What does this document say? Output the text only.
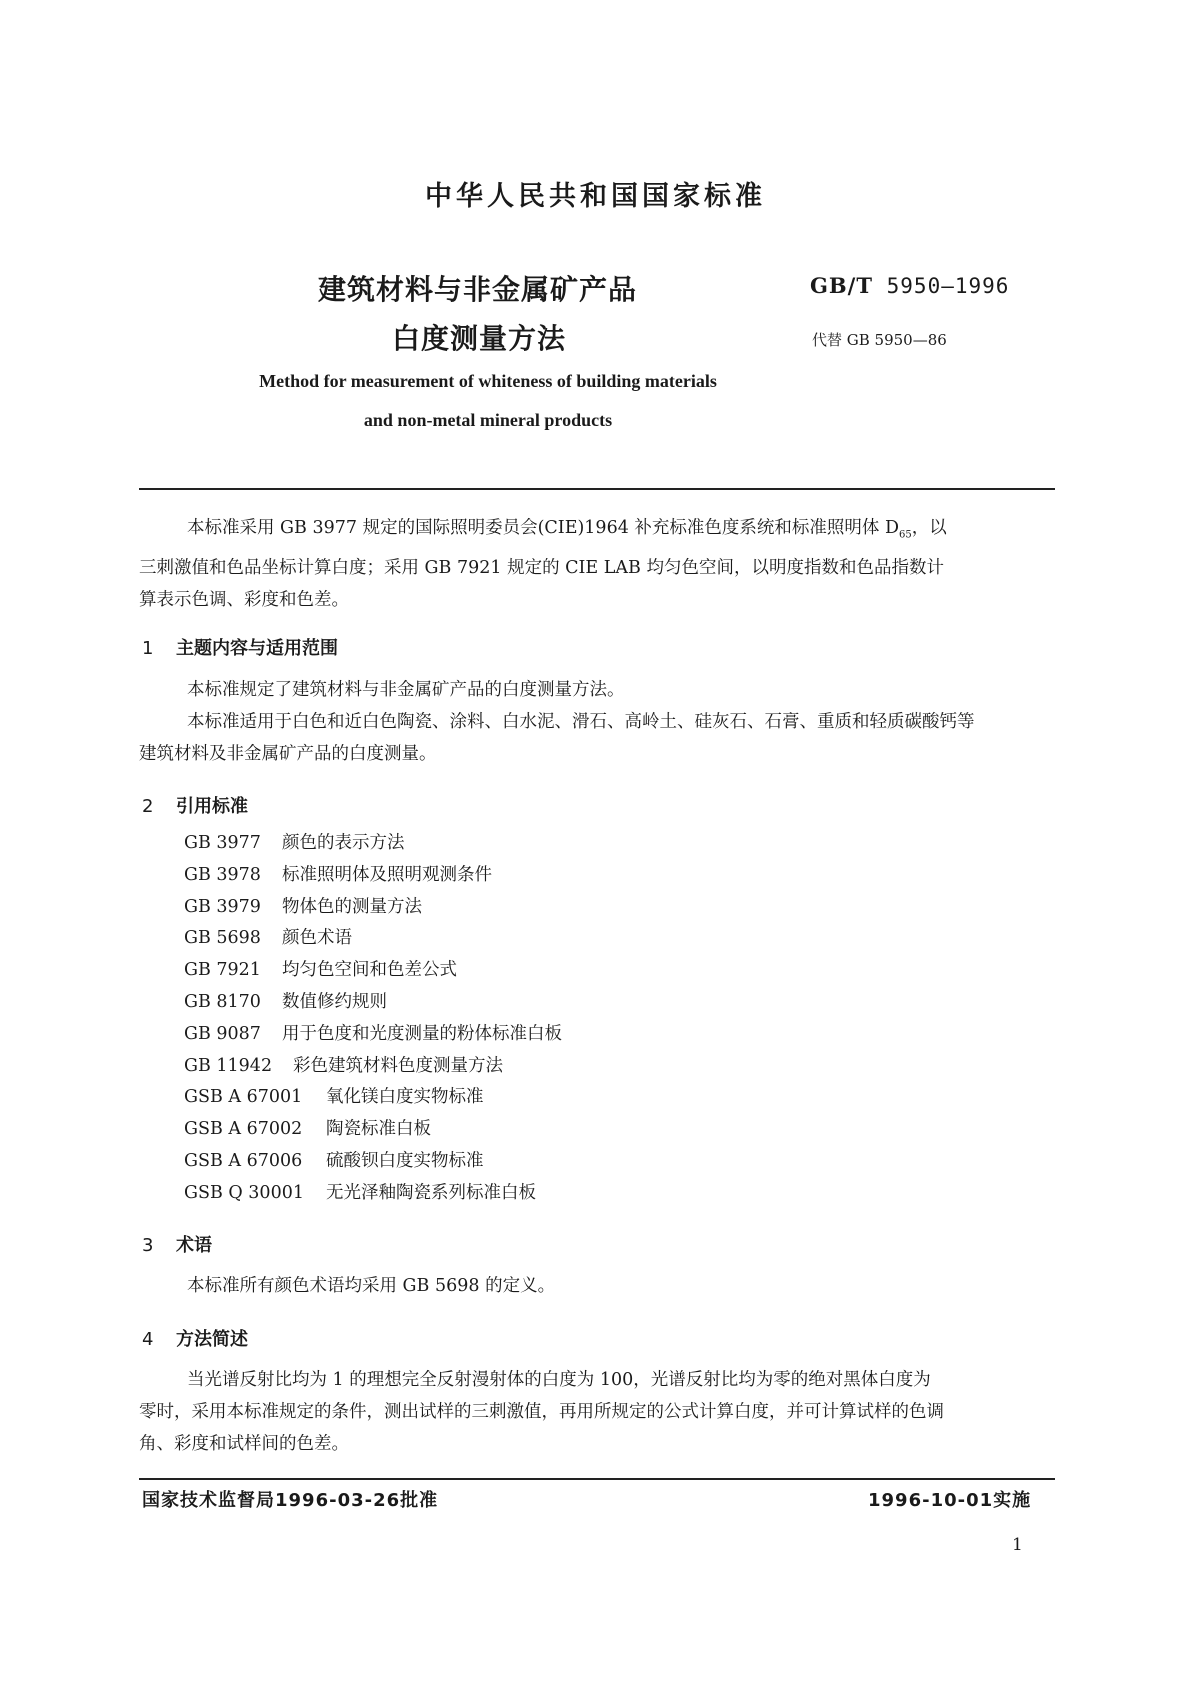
中华人民共和国国家标准
建筑材料与非金属矿产品
白度测量方法
GB/T 5950—1996
代替 GB 5950—86
Method for measurement of whiteness of building materials
and non-metal mineral products
本标准采用 GB 3977 规定的国际照明委员会(CIE)1964 补充标准色度系统和标准照明体 $D_{65}$，以
三刺激值和色品坐标计算白度；采用 GB 7921 规定的 CIE LAB 均匀色空间，以明度指数和色品指数计
算表示色调、彩度和色差。
1 主题内容与适用范围
本标准规定了建筑材料与非金属矿产品的白度测量方法。
本标准适用于白色和近白色陶瓷、涂料、白水泥、滑石、高岭土、硅灰石、石膏、重质和轻质碳酸钙等
建筑材料及非金属矿产品的白度测量。
2 引用标准
GB 3977 颜色的表示方法
GB 3978 标准照明体及照明观测条件
GB 3979 物体色的测量方法
GB 5698 颜色术语
GB 7921 均匀色空间和色差公式
GB 8170 数值修约规则
GB 9087 用于色度和光度测量的粉体标准白板
GB 11942 彩色建筑材料色度测量方法
GSB A 67001 氧化镁白度实物标准
GSB A 67002 陶瓷标准白板
GSB A 67006 硫酸钡白度实物标准
GSB Q 30001 无光泽釉陶瓷系列标准白板
3 术语
本标准所有颜色术语均采用 GB 5698 的定义。
4 方法简述
当光谱反射比均为 1 的理想完全反射漫射体的白度为 100，光谱反射比均为零的绝对黑体白度为
零时，采用本标准规定的条件，测出试样的三刺激值，再用所规定的公式计算白度，并可计算试样的色调
角、彩度和试样间的色差。
国家技术监督局1996-03-26批准	1996-10-01实施
1
